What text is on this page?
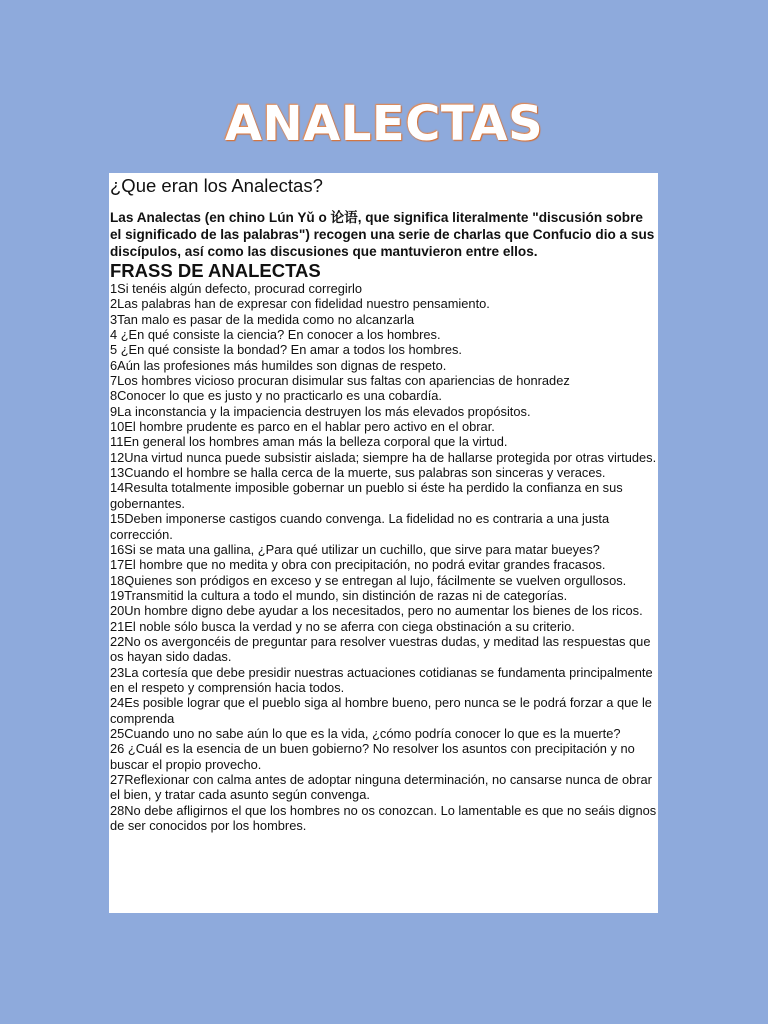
ANALECTAS
¿Que eran los Analectas?
Las Analectas (en chino Lún Yǔ o 论语, que significa literalmente "discusión sobre el significado de las palabras") recogen una serie de charlas que Confucio dio a sus discípulos, así como las discusiones que mantuvieron entre ellos.
FRASS DE ANALECTAS
1Si tenéis algún defecto, procurad corregirlo
2Las palabras han de expresar con fidelidad nuestro pensamiento.
3Tan malo es pasar de la medida como no alcanzarla
4 ¿En qué consiste la ciencia? En conocer a los hombres.
5 ¿En qué consiste la bondad? En amar a todos los hombres.
6Aún las profesiones más humildes son dignas de respeto.
7Los hombres vicioso procuran disimular sus faltas con apariencias de honradez
8Conocer lo que es justo y no practicarlo es una cobardía.
9La inconstancia y la impaciencia destruyen los más elevados propósitos.
10El hombre prudente es parco en el hablar pero activo en el obrar.
11En general los hombres aman más la belleza corporal que la virtud.
12Una virtud nunca puede subsistir aislada; siempre ha de hallarse protegida por otras virtudes.
13Cuando el hombre se halla cerca de la muerte, sus palabras son sinceras y veraces.
14Resulta totalmente imposible gobernar un pueblo si éste ha perdido la confianza en sus gobernantes.
15Deben imponerse castigos cuando convenga. La fidelidad no es contraria a una justa corrección.
16Si se mata una gallina, ¿Para qué utilizar un cuchillo, que sirve para matar bueyes?
17El hombre que no medita y obra con precipitación, no podrá evitar grandes fracasos.
18Quienes son pródigos en exceso y se entregan al lujo, fácilmente se vuelven orgullosos.
19Transmitid la cultura a todo el mundo, sin distinción de razas ni de categorías.
20Un hombre digno debe ayudar a los necesitados, pero no aumentar los bienes de los ricos.
21El noble sólo busca la verdad y no se aferra con ciega obstinación a su criterio.
22No os avergoncéis de preguntar para resolver vuestras dudas, y meditad las respuestas que os hayan sido dadas.
23La cortesía que debe presidir nuestras actuaciones cotidianas se fundamenta principalmente en el respeto y comprensión hacia todos.
24Es posible lograr que el pueblo siga al hombre bueno, pero nunca se le podrá forzar a que le comprenda
25Cuando uno no sabe aún lo que es la vida, ¿cómo podría conocer lo que es la muerte?
26 ¿Cuál es la esencia de un buen gobierno? No resolver los asuntos con precipitación y no buscar el propio provecho.
27Reflexionar con calma antes de adoptar ninguna determinación, no cansarse nunca de obrar el bien, y tratar cada asunto según convenga.
28No debe afligirnos el que los hombres no os conozcan. Lo lamentable es que no seáis dignos de ser conocidos por los hombres.
